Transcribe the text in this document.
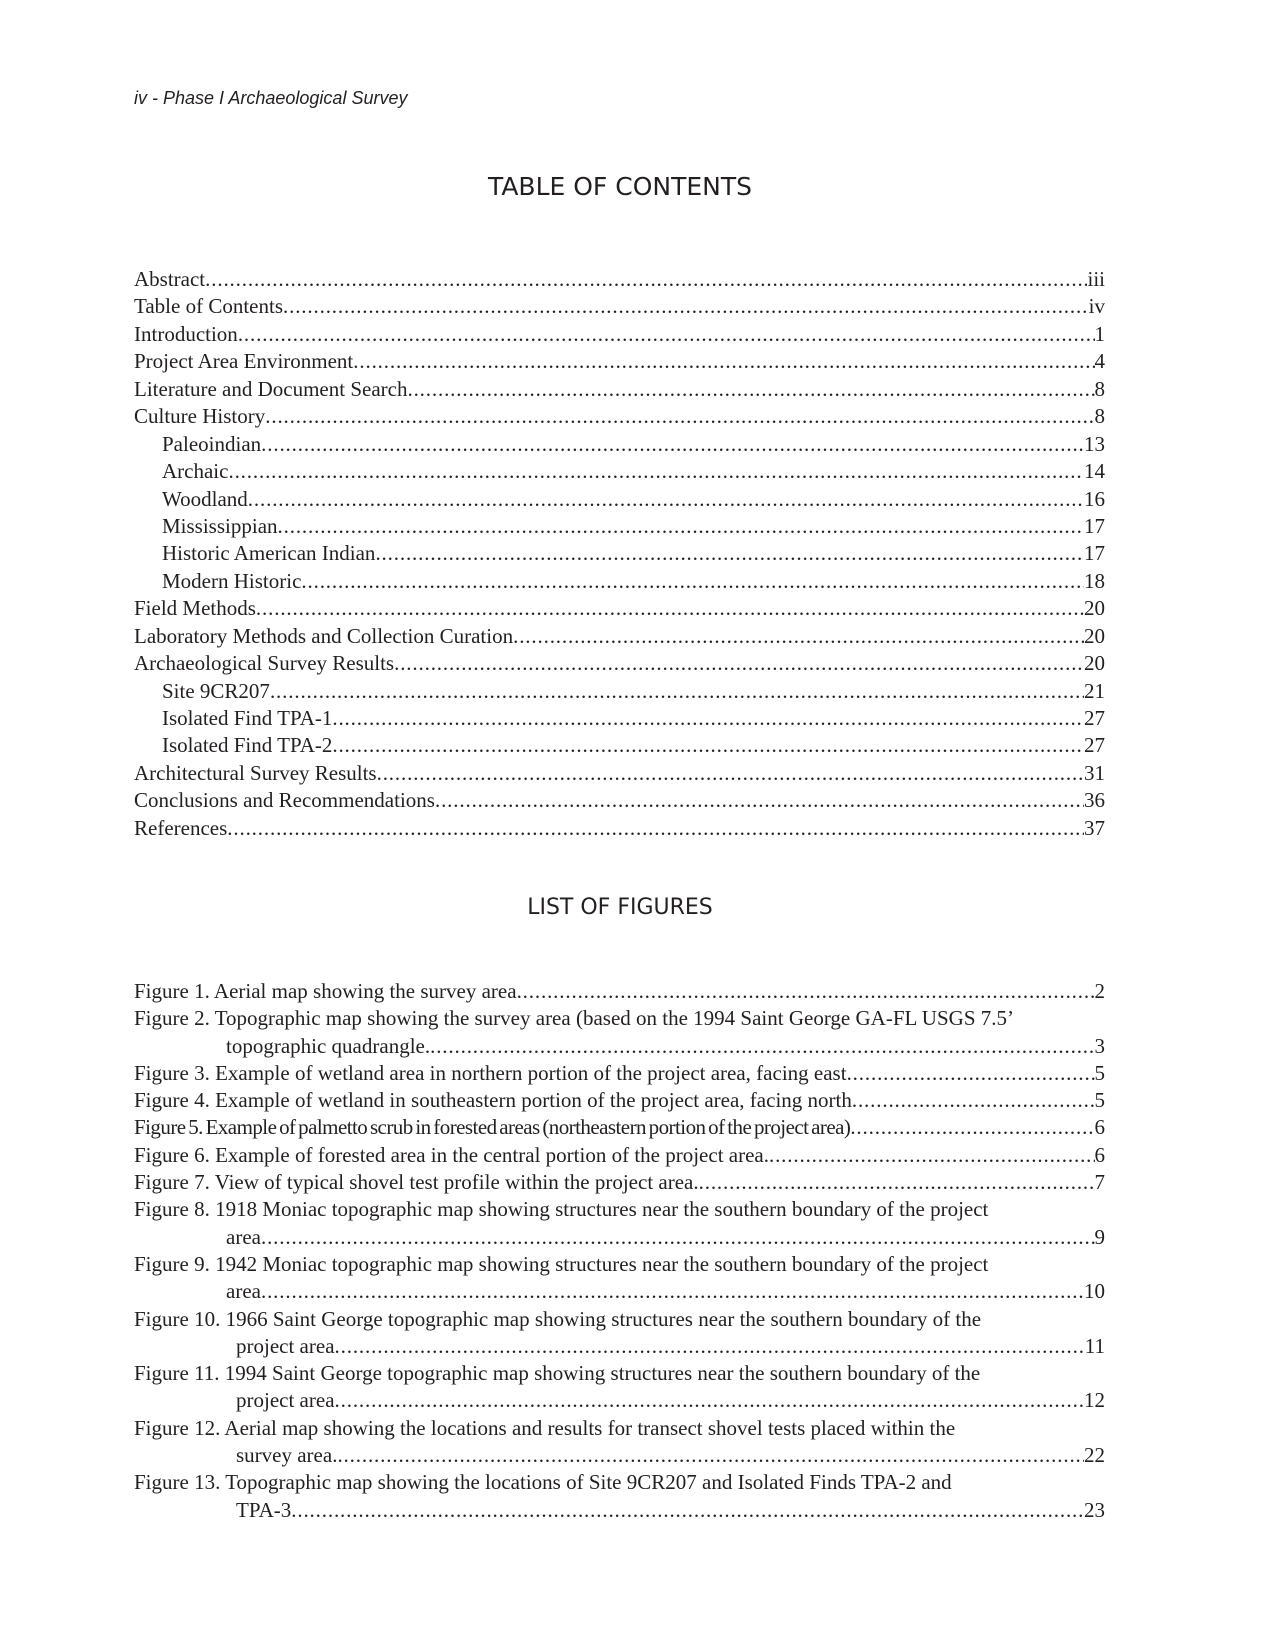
iv - Phase I Archaeological Survey
TABLE OF CONTENTS
Abstract . . .	iii
Table of Contents . . .	iv
Introduction . . .	1
Project Area Environment . . .	4
Literature and Document Search . . .	8
Culture History . . .	8
Paleoindian . . .	13
Archaic . . .	14
Woodland . . .	16
Mississippian . . .	17
Historic American Indian . . .	17
Modern Historic . . .	18
Field Methods . . .	20
Laboratory Methods and Collection Curation . . .	20
Archaeological Survey Results . . .	20
Site 9CR207 . . .	21
Isolated Find TPA-1 . . .	27
Isolated Find TPA-2 . . .	27
Architectural Survey Results . . .	31
Conclusions and Recommendations . . .	36
References . . .	37
LIST OF FIGURES
Figure 1. Aerial map showing the survey area . . .	2
Figure 2. Topographic map showing the survey area (based on the 1994 Saint George GA-FL USGS 7.5’
topographic quadrangle. . . .	3
Figure 3. Example of wetland area in northern portion of the project area, facing east . . .	5
Figure 4. Example of wetland in southeastern portion of the project area, facing north . . .	5
Figure 5. Example of palmetto scrub in forested areas (northeastern portion of the project area) . . .	6
Figure 6. Example of forested area in the central portion of the project area. . . .	6
Figure 7. View of typical shovel test profile within the project area. . . .	7
Figure 8. 1918 Moniac topographic map showing structures near the southern boundary of the project
area . . .	9
Figure 9. 1942 Moniac topographic map showing structures near the southern boundary of the project
area . . .	10
Figure 10. 1966 Saint George topographic map showing structures near the southern boundary of the
project area . . .	11
Figure 11. 1994 Saint George topographic map showing structures near the southern boundary of the
project area . . .	12
Figure 12. Aerial map showing the locations and results for transect shovel tests placed within the
survey area. . . .	22
Figure 13. Topographic map showing the locations of Site 9CR207 and Isolated Finds TPA-2 and
TPA-3 . . .	23
